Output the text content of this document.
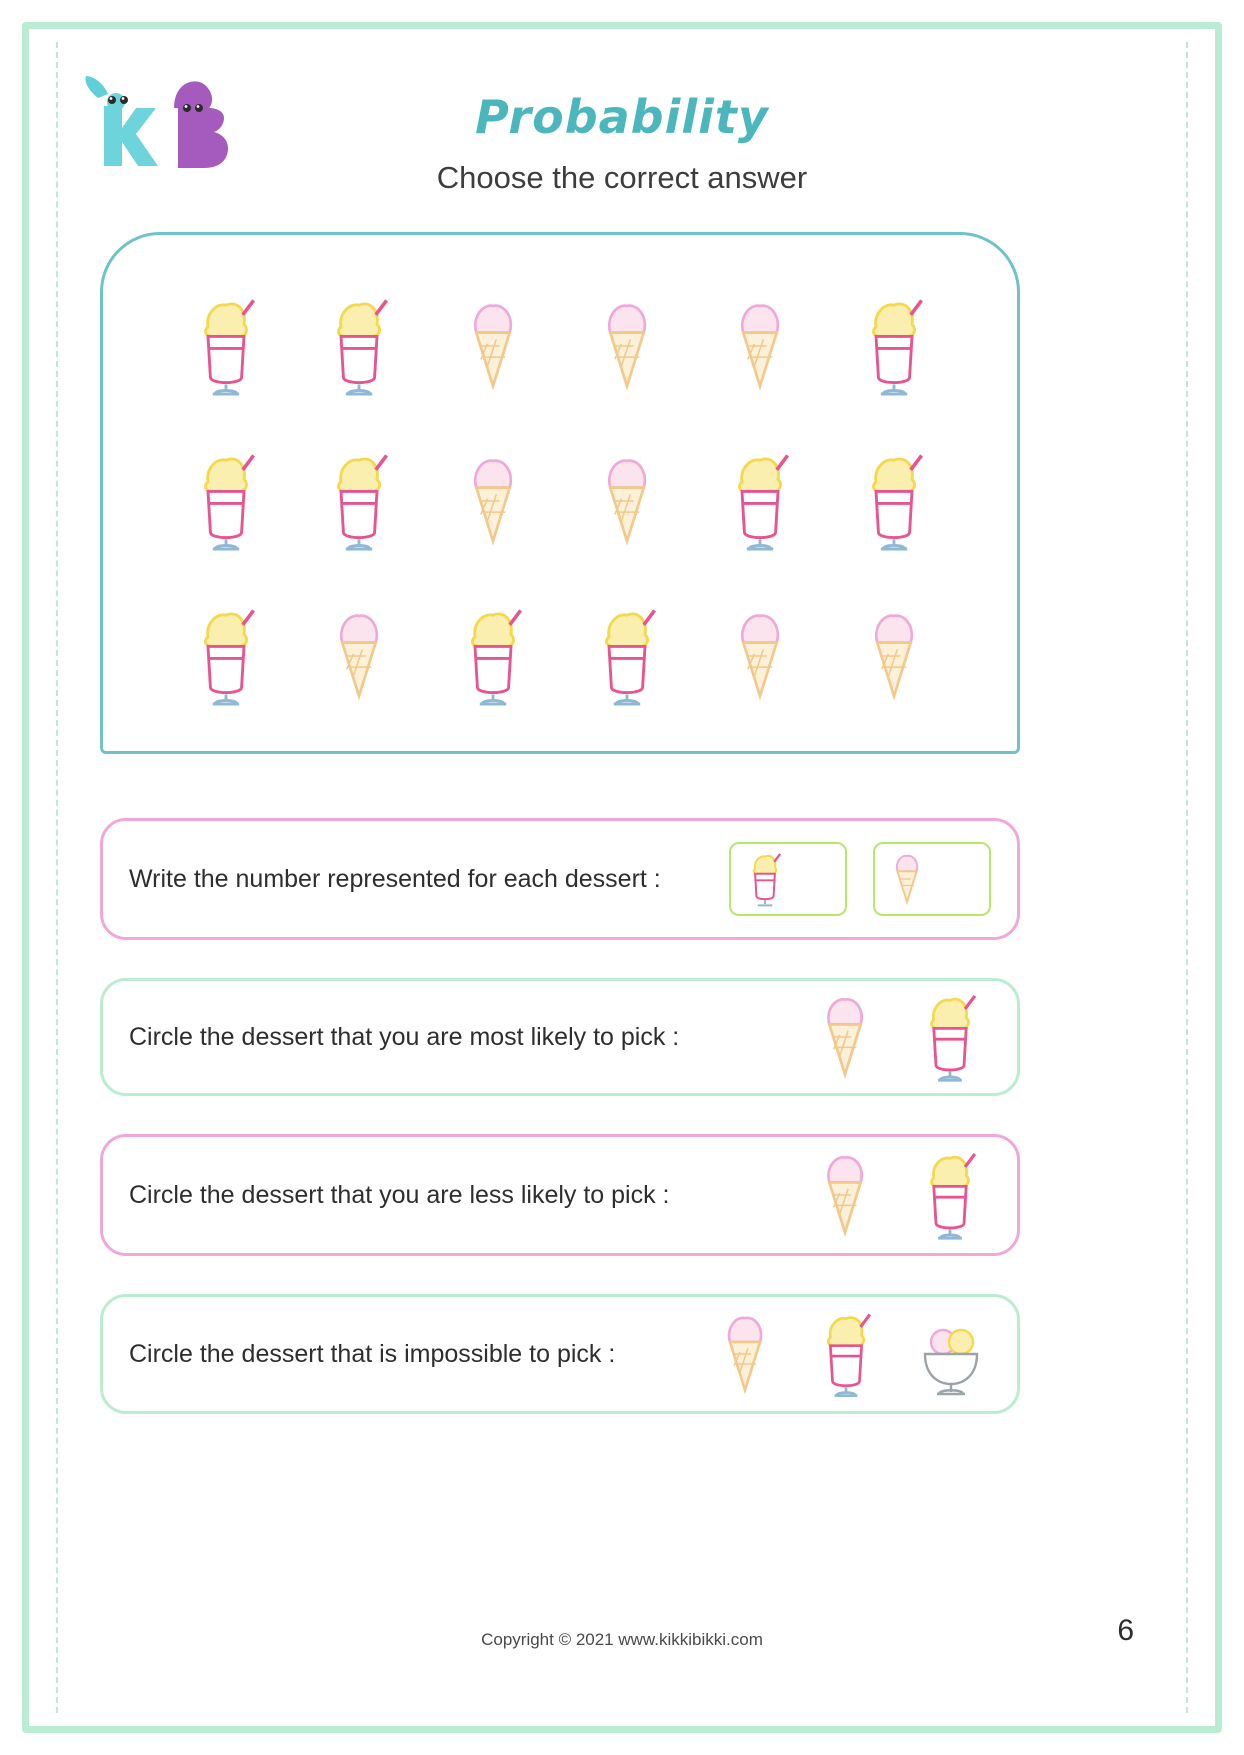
Probability
Choose the correct answer
Write the number represented for each dessert :
Circle the dessert that you are most likely to pick :
Circle the dessert that you are less likely to pick :
Circle the dessert that is impossible to pick :
Copyright © 2021 www.kikkibikki.com	6
